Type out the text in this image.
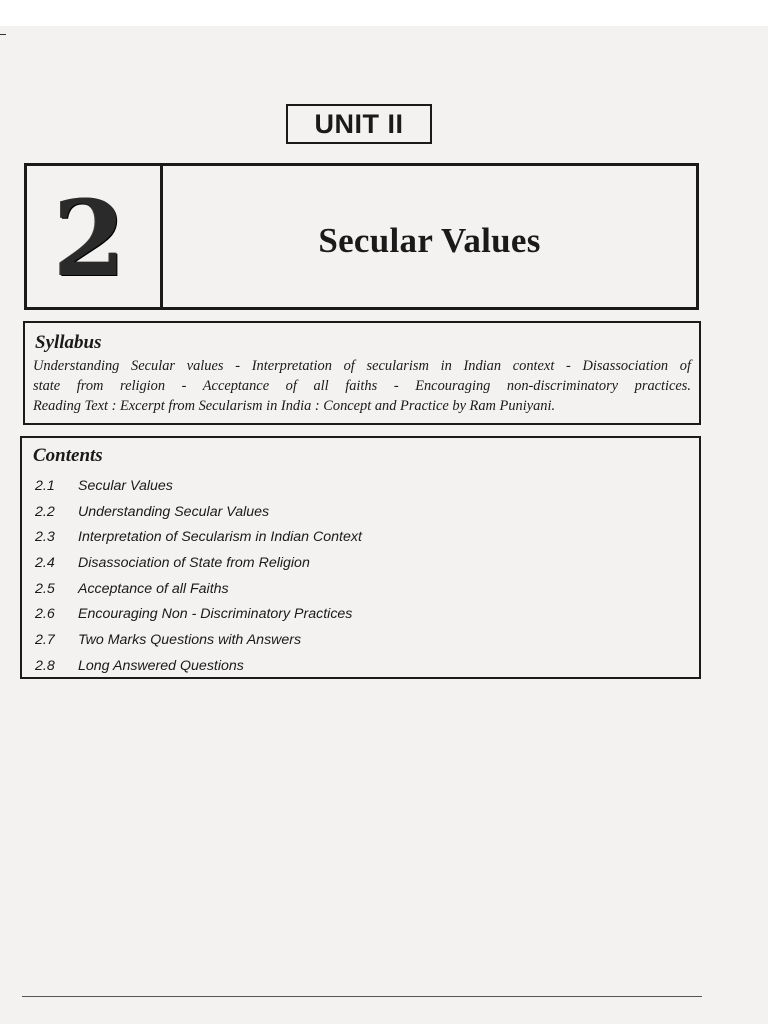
UNIT II
2	Secular Values
Syllabus

Understanding Secular values - Interpretation of secularism in Indian context - Disassociation of
state from religion - Acceptance of all faiths - Encouraging non-discriminatory practices.
Reading Text : Excerpt from Secularism in India : Concept and Practice by Ram Puniyani.

Contents
2.1 Secular Values
2.2 Understanding Secular Values
2.3 Interpretation of Secularism in Indian Context
2.4 Disassociation of State from Religion
2.5 Acceptance of all Faiths
2.6 Encouraging Non - Discriminatory Practices
2.7 Two Marks Questions with Answers
2.8 Long Answered Questions
